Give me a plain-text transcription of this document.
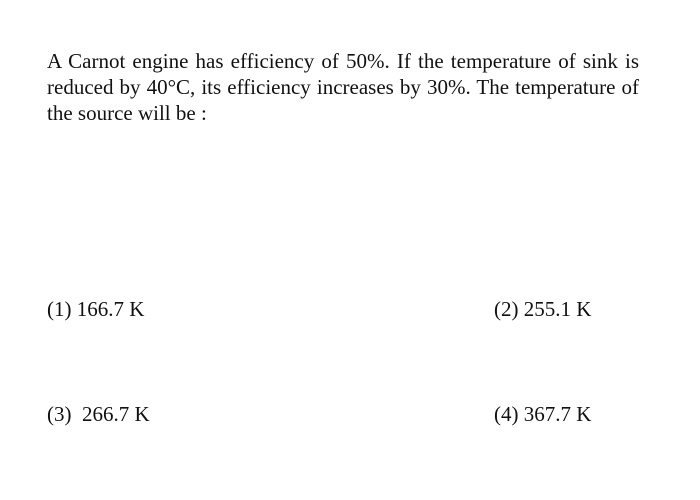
A Carnot engine has efficiency of 50%. If the temperature of sink is reduced by 40°C, its efficiency increases by 30%. The temperature of the source will be :

(1) 166.7 K	(2) 255.1 K
(3)  266.7 K	(4) 367.7 K
